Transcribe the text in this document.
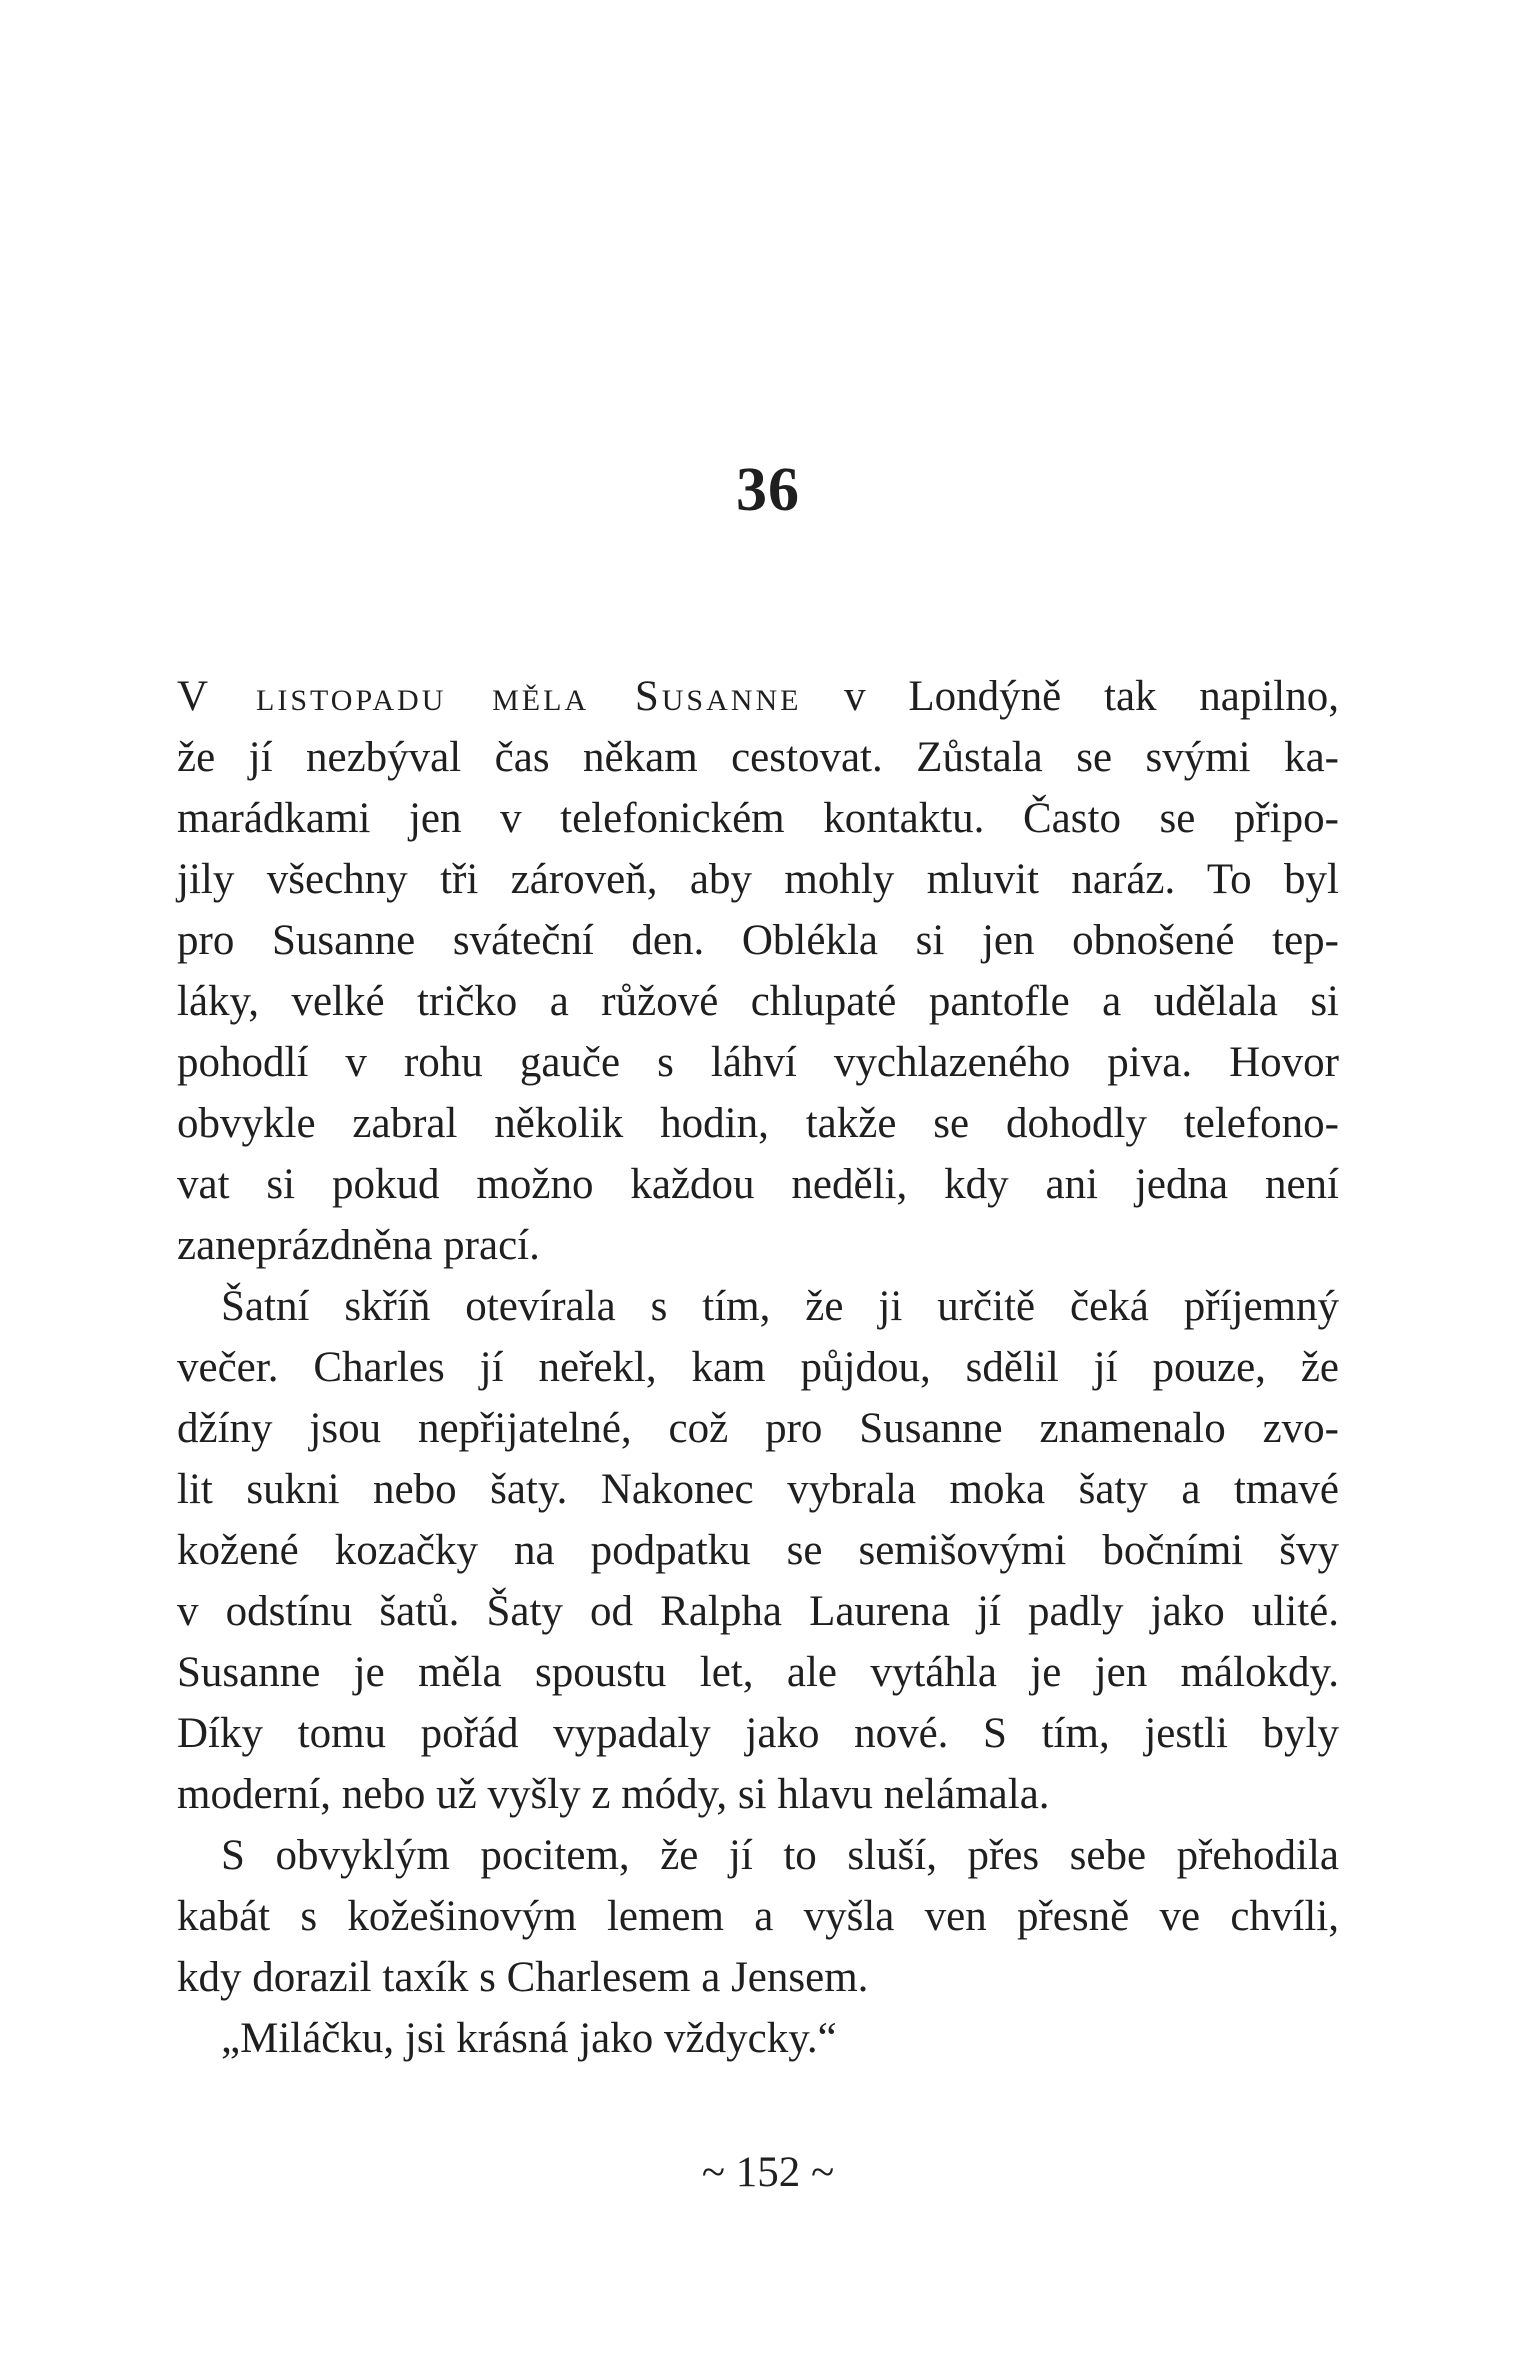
36
V listopadu měla Susanne v Londýně tak napilno,
že jí nezbýval čas někam cestovat. Zůstala se svými ka-
marádkami jen v telefonickém kontaktu. Často se připo-
jily všechny tři zároveň, aby mohly mluvit naráz. To byl
pro Susanne sváteční den. Oblékla si jen obnošené tep-
láky, velké tričko a růžové chlupaté pantofle a udělala si
pohodlí v rohu gauče s láhví vychlazeného piva. Hovor
obvykle zabral několik hodin, takže se dohodly telefono-
vat si pokud možno každou neděli, kdy ani jedna není
zaneprázdněna prací.
Šatní skříň otevírala s tím, že ji určitě čeká příjemný
večer. Charles jí neřekl, kam půjdou, sdělil jí pouze, že
džíny jsou nepřijatelné, což pro Susanne znamenalo zvo-
lit sukni nebo šaty. Nakonec vybrala moka šaty a tmavé
kožené kozačky na podpatku se semišovými bočními švy
v odstínu šatů. Šaty od Ralpha Laurena jí padly jako ulité.
Susanne je měla spoustu let, ale vytáhla je jen málokdy.
Díky tomu pořád vypadaly jako nové. S tím, jestli byly
moderní, nebo už vyšly z módy, si hlavu nelámala.
S obvyklým pocitem, že jí to sluší, přes sebe přehodila
kabát s kožešinovým lemem a vyšla ven přesně ve chvíli,
kdy dorazil taxík s Charlesem a Jensem.
„Miláčku, jsi krásná jako vždycky.“
~ 152 ~
